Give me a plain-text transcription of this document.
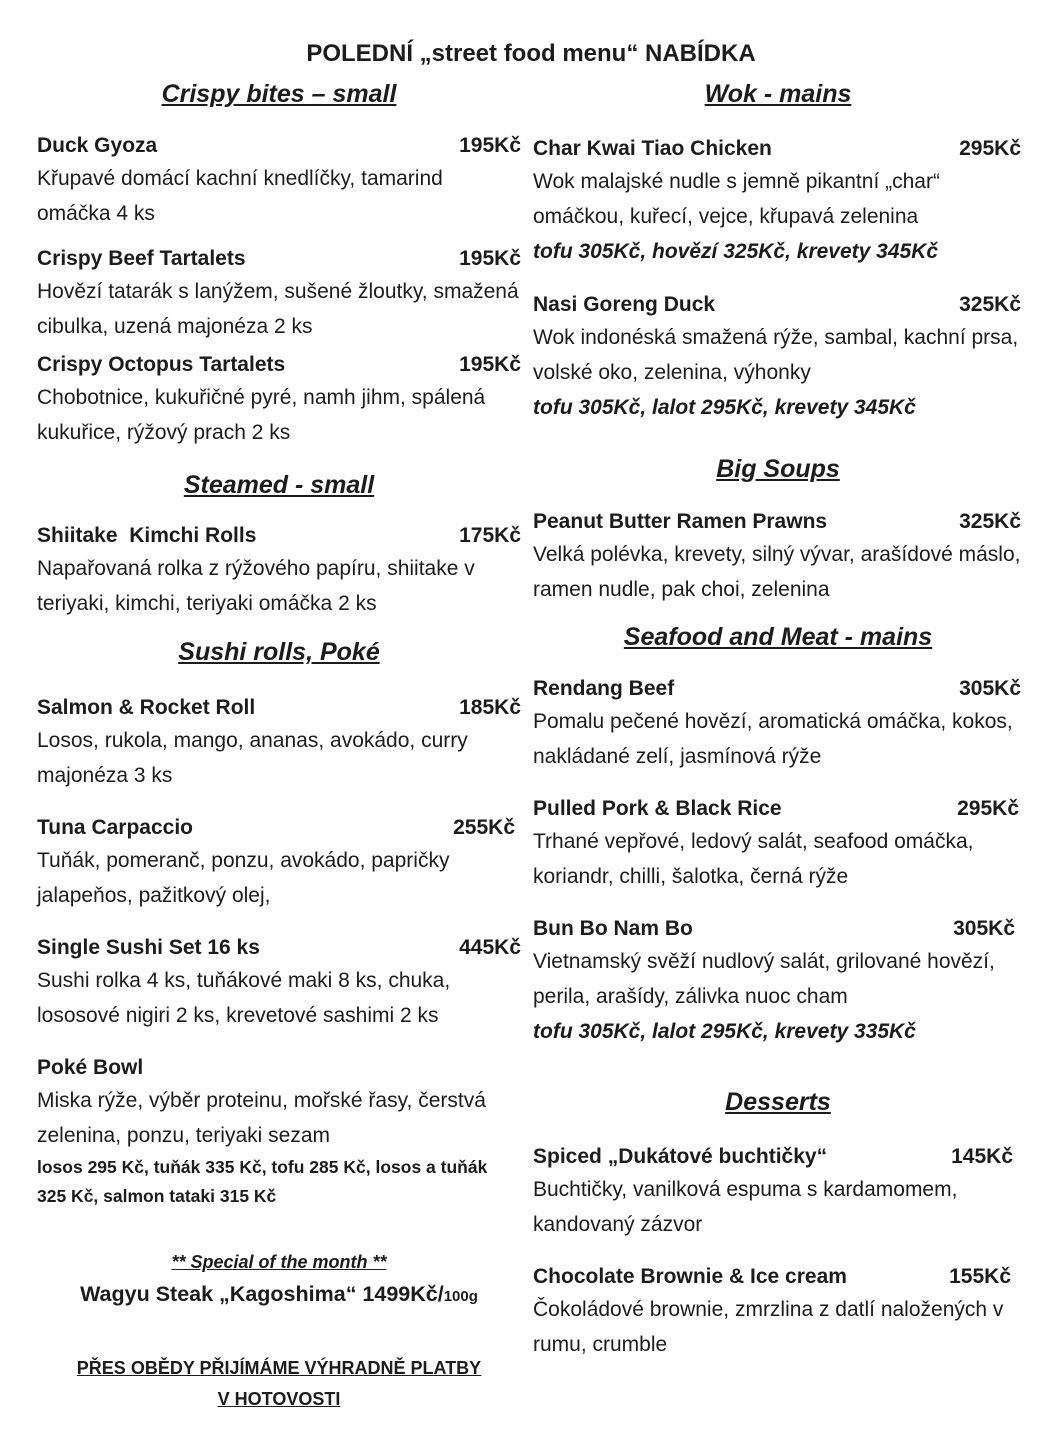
POLEDNÍ „street food menu“ NABÍDKA
Crispy bites – small
Duck Gyoza	195Kč
Křupavé domácí kachní knedlíčky, tamarind omáčka 4 ks
Crispy Beef Tartalets	195Kč
Hovězí tatarák s lanýžem, sušené žloutky, smažená cibulka, uzená majonéza 2 ks
Crispy Octopus Tartalets	195Kč
Chobotnice, kukuřičné pyré, namh jihm, spálená kukuřice, rýžový prach 2 ks
Steamed - small
Shiitake  Kimchi Rolls	175Kč
Napařovaná rolka z rýžového papíru, shiitake v teriyaki, kimchi, teriyaki omáčka 2 ks
Sushi rolls, Poké
Salmon & Rocket Roll	185Kč
Losos, rukola, mango, ananas, avokádo, curry majonéza 3 ks
Tuna Carpaccio	255Kč
Tuňák, pomeranč, ponzu, avokádo, papričky jalapeňos, pažitkový olej,
Single Sushi Set 16 ks	445Kč
Sushi rolka 4 ks, tuňákové maki 8 ks, chuka, lososové nigiri 2 ks, krevetové sashimi 2 ks
Poké Bowl
Miska rýže, výběr proteinu, mořské řasy, čerstvá zelenina, ponzu, teriyaki sezam
losos 295 Kč, tuňák 335 Kč, tofu 285 Kč, losos a tuňák 325 Kč, salmon tataki 315 Kč
** Special of the month **
Wagyu Steak „Kagoshima“ 1499Kč/100g
PŘES OBĚDY PŘIJÍMÁME VÝHRADNĚ PLATBY
V HOTOVOSTI
Wok - mains
Char Kwai Tiao Chicken	295Kč
Wok malajské nudle s jemně pikantní „char“ omáčkou, kuřecí, vejce, křupavá zelenina
tofu 305Kč, hovězí 325Kč, krevety 345Kč
Nasi Goreng Duck	325Kč
Wok indonéská smažená rýže, sambal, kachní prsa, volské oko, zelenina, výhonky
tofu 305Kč, lalot 295Kč, krevety 345Kč
Big Soups
Peanut Butter Ramen Prawns	325Kč
Velká polévka, krevety, silný vývar, arašídové máslo, ramen nudle, pak choi, zelenina
Seafood and Meat - mains
Rendang Beef	305Kč
Pomalu pečené hovězí, aromatická omáčka, kokos, nakládané zelí, jasmínová rýže
Pulled Pork & Black Rice	295Kč
Trhané vepřové, ledový salát, seafood omáčka, koriandr, chilli, šalotka, černá rýže
Bun Bo Nam Bo	305Kč
Vietnamský svěží nudlový salát, grilované hovězí, perila, arašídy, zálivka nuoc cham
tofu 305Kč, lalot 295Kč, krevety 335Kč
Desserts
Spiced „Dukátové buchtičky“	145Kč
Buchtičky, vanilková espuma s kardamomem, kandovaný zázvor
Chocolate Brownie & Ice cream	155Kč
Čokoládové brownie, zmrzlina z datlí naložených v rumu, crumble
